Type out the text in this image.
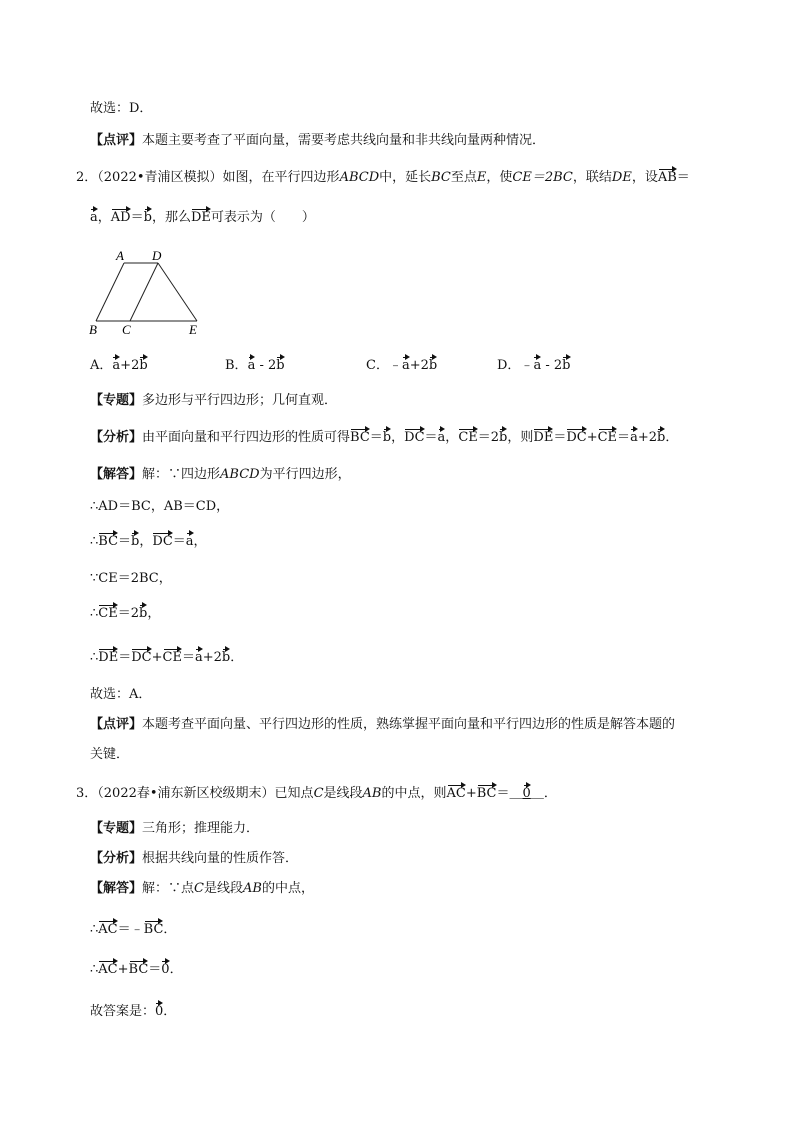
故选：D．
【点评】本题主要考查了平面向量，需要考虑共线向量和非共线向量两种情况．
2．（2022•青浦区模拟）如图，在平行四边形ABCD中，延长BC至点E，使CE＝2BC，联结DE，设AB＝
a，AD＝b，那么DE可表示为（　　）
A D
B C	E
A．a+2b	B．a - 2b	C．﹣a+2b	D．﹣a - 2b
【专题】多边形与平行四边形；几何直观．
【分析】由平面向量和平行四边形的性质可得BC＝b，DC＝a，CE＝2b，则DE＝DC+CE＝a+2b．
【解答】解：∵四边形ABCD为平行四边形，
∴AD＝BC，AB＝CD，
∴BC＝b，DC＝a，
∵CE＝2BC，
∴CE＝2b，
∴DE＝DC+CE＝a+2b．
故选：A．
【点评】本题考查平面向量、平行四边形的性质，熟练掌握平面向量和平行四边形的性质是解答本题的
关键．
3．（2022春•浦东新区校级期末）已知点C是线段AB的中点，则AC+BC＝＿0＿．
【专题】三角形；推理能力．
【分析】根据共线向量的性质作答．
【解答】解：∵点C是线段AB的中点，
∴AC＝﹣BC．
∴AC+BC＝0．
故答案是：0．
